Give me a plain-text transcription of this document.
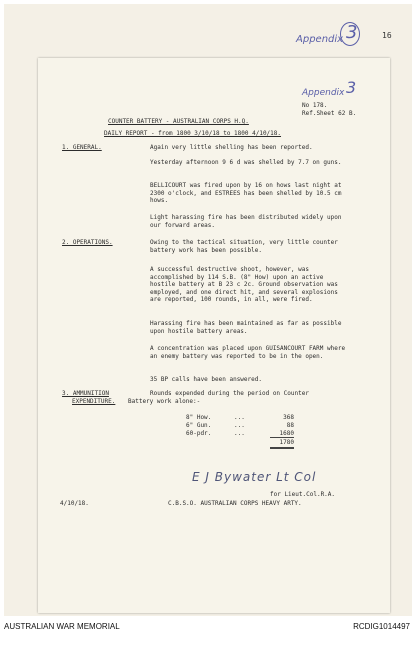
Appendix 3	16
Appendix 3
No 178.
Ref.Sheet 62 B.
COUNTER BATTERY - AUSTRALIAN CORPS H.Q.
DAILY REPORT - from 1800 3/10/18 to 1800 4/10/18.
1. GENERAL.	Again very little shelling has been reported.
Yesterday afternoon 9 6 d was shelled by 7.7 on guns.
BELLICOURT was fired upon by 16 on hows last night at 2300 o'clock, and ESTREES has been shelled by 10.5 cm hows.
Light harassing fire has been distributed widely upon our forward areas.
2. OPERATIONS.	Owing to the tactical situation, very little counter battery work has been possible.
A successful destructive shoot, however, was accomplished by 114 S.B. (8" How) upon an active hostile battery at B 23 c 2c. Ground observation was employed, and one direct hit, and several explosions are reported, 100 rounds, in all, were fired.
Harassing fire has been maintained as far as possible upon hostile battery areas.
A concentration was placed upon GUISANCOURT FARM where an enemy battery was reported to be in the open.
35 BP calls have been answered.
3. AMMUNITION
EXPENDITURE.
Rounds expended during the period on Counter
Battery work alone:-
8" How.	...	368
6" Gun.	...	88
60-pdr.	...	1680
1780
E J Bywater Lt Col
for Lieut.Col.R.A.
4/10/18.	C.B.S.O. AUSTRALIAN CORPS HEAVY ARTY.
AUSTRALIAN WAR MEMORIAL	RCDIG1014497
